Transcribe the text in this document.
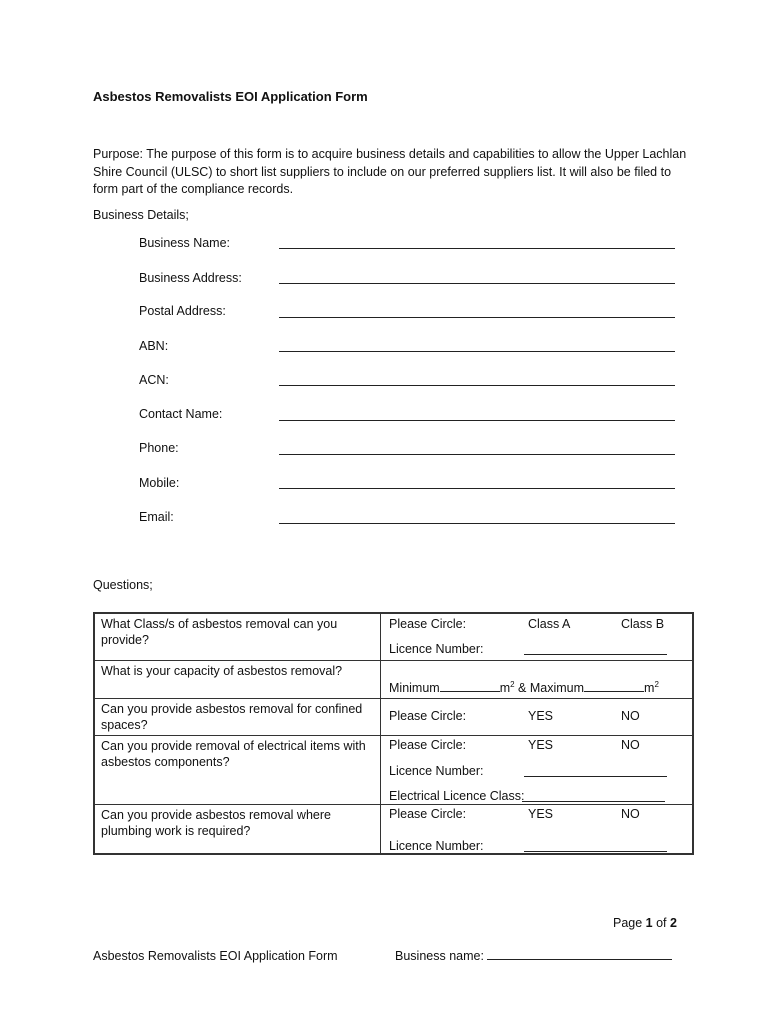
Asbestos Removalists EOI Application Form
Purpose: The purpose of this form is to acquire business details and capabilities to allow the Upper Lachlan Shire Council (ULSC) to short list suppliers to include on our preferred suppliers list. It will also be filed to form part of the compliance records.
Business Details;
Business Name:
Business Address:
Postal Address:
ABN:
ACN:
Contact Name:
Phone:
Mobile:
Email:
Questions;
What Class/s of asbestos removal can you provide?	Please Circle: Class A Class B
Licence Number:

What is your capacity of asbestos removal?	Minimum $m^2$ & Maximum $m^2$

Can you provide asbestos removal for confined spaces?	Please Circle: YES NO

Can you provide removal of electrical items with asbestos components?	Please Circle: YES NO
Licence Number:
Electrical Licence Class:

Can you provide asbestos removal where plumbing work is required?	Please Circle: YES NO
Licence Number:
Page 1 of 2
Asbestos Removalists EOI Application Form	Business name:
